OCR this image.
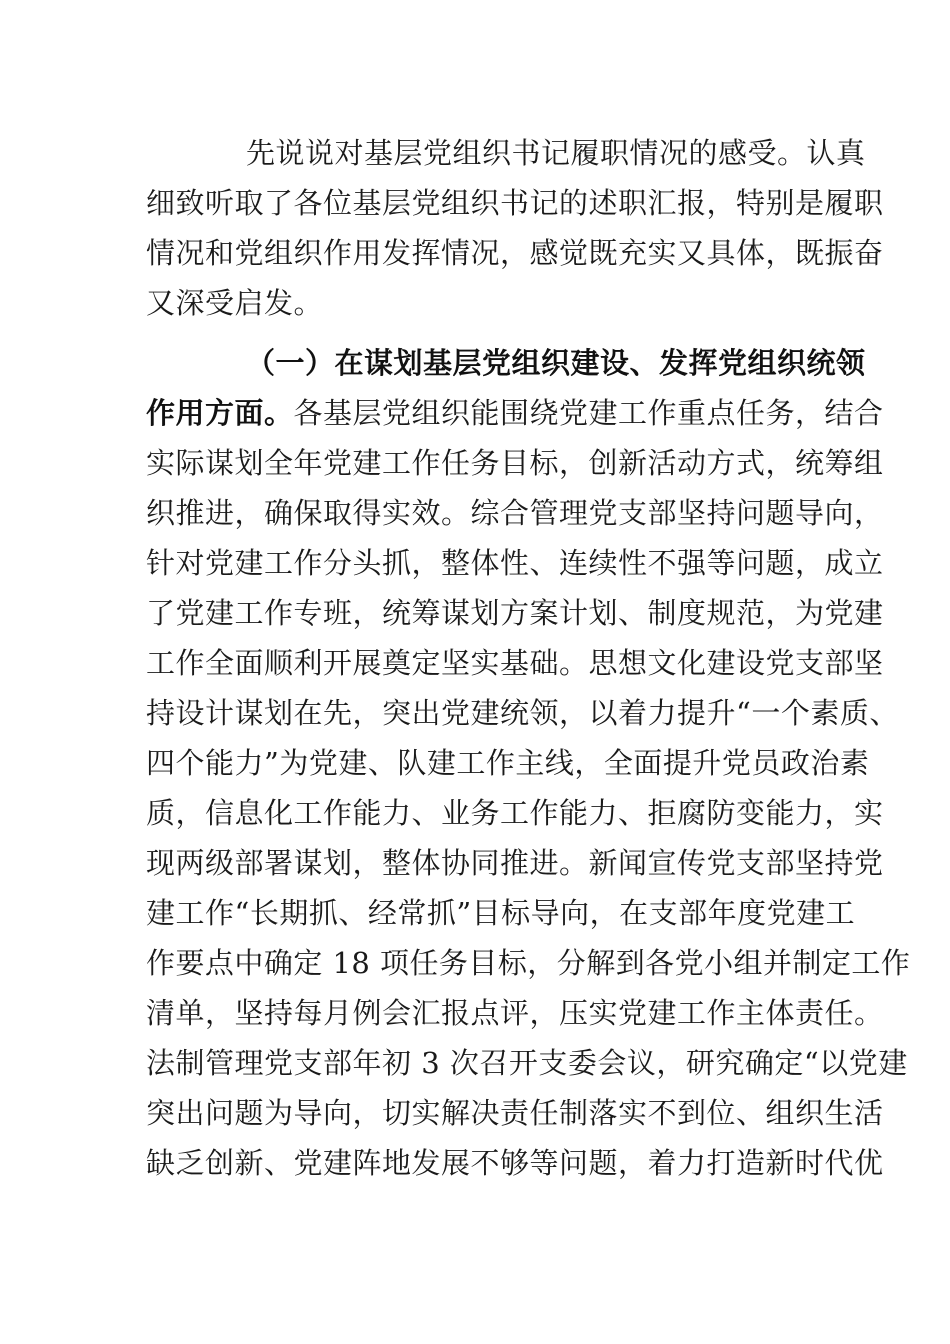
先说说对基层党组织书记履职情况的感受。认真
细致听取了各位基层党组织书记的述职汇报，特别是履职
情况和党组织作用发挥情况，感觉既充实又具体，既振奋
又深受启发。
（一）在谋划基层党组织建设、发挥党组织统领
作用方面。各基层党组织能围绕党建工作重点任务，结合
实际谋划全年党建工作任务目标，创新活动方式，统筹组
织推进，确保取得实效。综合管理党支部坚持问题导向，
针对党建工作分头抓，整体性、连续性不强等问题，成立
了党建工作专班，统筹谋划方案计划、制度规范，为党建
工作全面顺利开展奠定坚实基础。思想文化建设党支部坚
持设计谋划在先，突出党建统领，以着力提升“一个素质、
四个能力”为党建、队建工作主线，全面提升党员政治素
质，信息化工作能力、业务工作能力、拒腐防变能力，实
现两级部署谋划，整体协同推进。新闻宣传党支部坚持党
建工作“长期抓、经常抓”目标导向，在支部年度党建工
作要点中确定 18 项任务目标，分解到各党小组并制定工作
清单，坚持每月例会汇报点评，压实党建工作主体责任。
法制管理党支部年初 3 次召开支委会议，研究确定“以党建
突出问题为导向，切实解决责任制落实不到位、组织生活
缺乏创新、党建阵地发展不够等问题，着力打造新时代优
